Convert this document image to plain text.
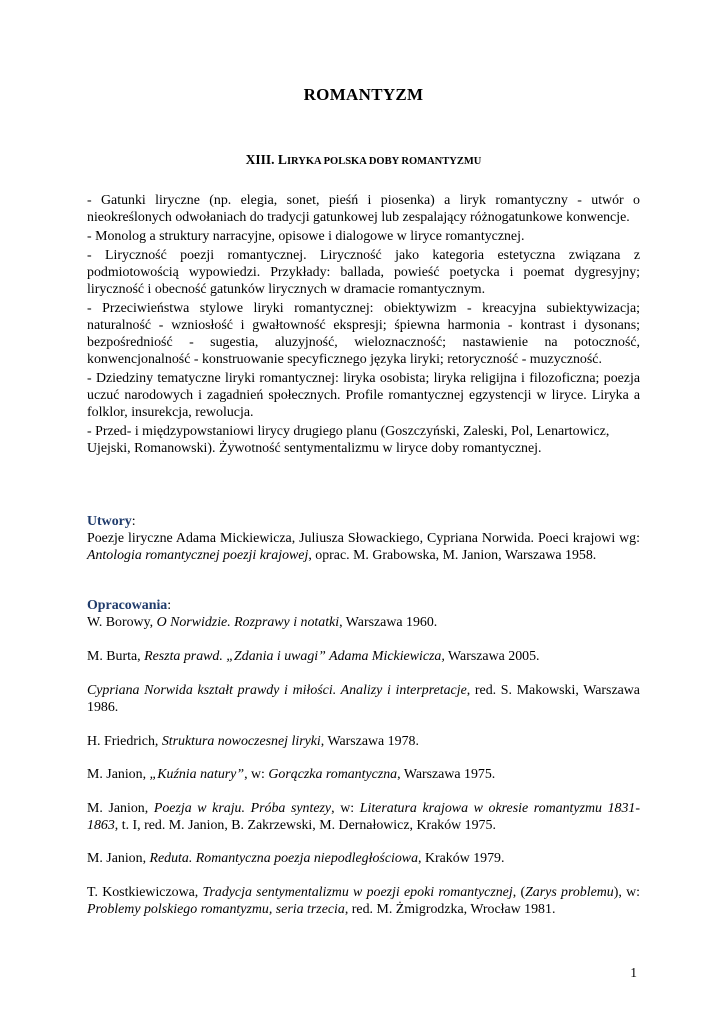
ROMANTYZM
XIII. LIRYKA POLSKA DOBY ROMANTYZMU

- Gatunki liryczne (np. elegia, sonet, pieśń i piosenka) a liryk romantyczny - utwór o nieokreślonych odwołaniach do tradycji gatunkowej lub zespalający różnogatunkowe konwencje.

- Monolog a struktury narracyjne, opisowe i dialogowe w liryce romantycznej.

- Liryczność poezji romantycznej. Liryczność jako kategoria estetyczna związana z podmiotowością wypowiedzi. Przykłady: ballada, powieść poetycka i poemat dygresyjny; liryczność i obecność gatunków lirycznych w dramacie romantycznym.

- Przeciwieństwa stylowe liryki romantycznej: obiektywizm - kreacyjna subiektywizacja; naturalność - wzniosłość i gwałtowność ekspresji; śpiewna harmonia - kontrast i dysonans; bezpośredniość - sugestia, aluzyjność, wieloznaczność; nastawienie na potoczność, konwencjonalność - konstruowanie specyficznego języka liryki; retoryczność - muzyczność.

- Dziedziny tematyczne liryki romantycznej: liryka osobista; liryka religijna i filozoficzna; poezja uczuć narodowych i zagadnień społecznych. Profile romantycznej egzystencji w liryce. Liryka a folklor, insurekcja, rewolucja.

- Przed- i międzypowstaniowi lirycy drugiego planu (Goszczyński, Zaleski, Pol, Lenartowicz, Ujejski, Romanowski). Żywotność sentymentalizmu w liryce doby romantycznej.

Utwory:
Poezje liryczne Adama Mickiewicza, Juliusza Słowackiego, Cypriana Norwida. Poeci krajowi wg: Antologia romantycznej poezji krajowej, oprac. M. Grabowska, M. Janion, Warszawa 1958.
Opracowania:
W. Borowy, O Norwidzie. Rozprawy i notatki, Warszawa 1960.
M. Burta, Reszta prawd. „Zdania i uwagi” Adama Mickiewicza, Warszawa 2005.
Cypriana Norwida kształt prawdy i miłości. Analizy i interpretacje, red. S. Makowski, Warszawa 1986.
H. Friedrich, Struktura nowoczesnej liryki, Warszawa 1978.
M. Janion, „Kuźnia natury”, w: Gorączka romantyczna, Warszawa 1975.
M. Janion, Poezja w kraju. Próba syntezy, w: Literatura krajowa w okresie romantyzmu 1831-1863, t. I, red. M. Janion, B. Zakrzewski, M. Dernałowicz, Kraków 1975.
M. Janion, Reduta. Romantyczna poezja niepodległościowa, Kraków 1979.
T. Kostkiewiczowa, Tradycja sentymentalizmu w poezji epoki romantycznej, (Zarys problemu), w: Problemy polskiego romantyzmu, seria trzecia, red. M. Żmigrodzka, Wrocław 1981.
1
